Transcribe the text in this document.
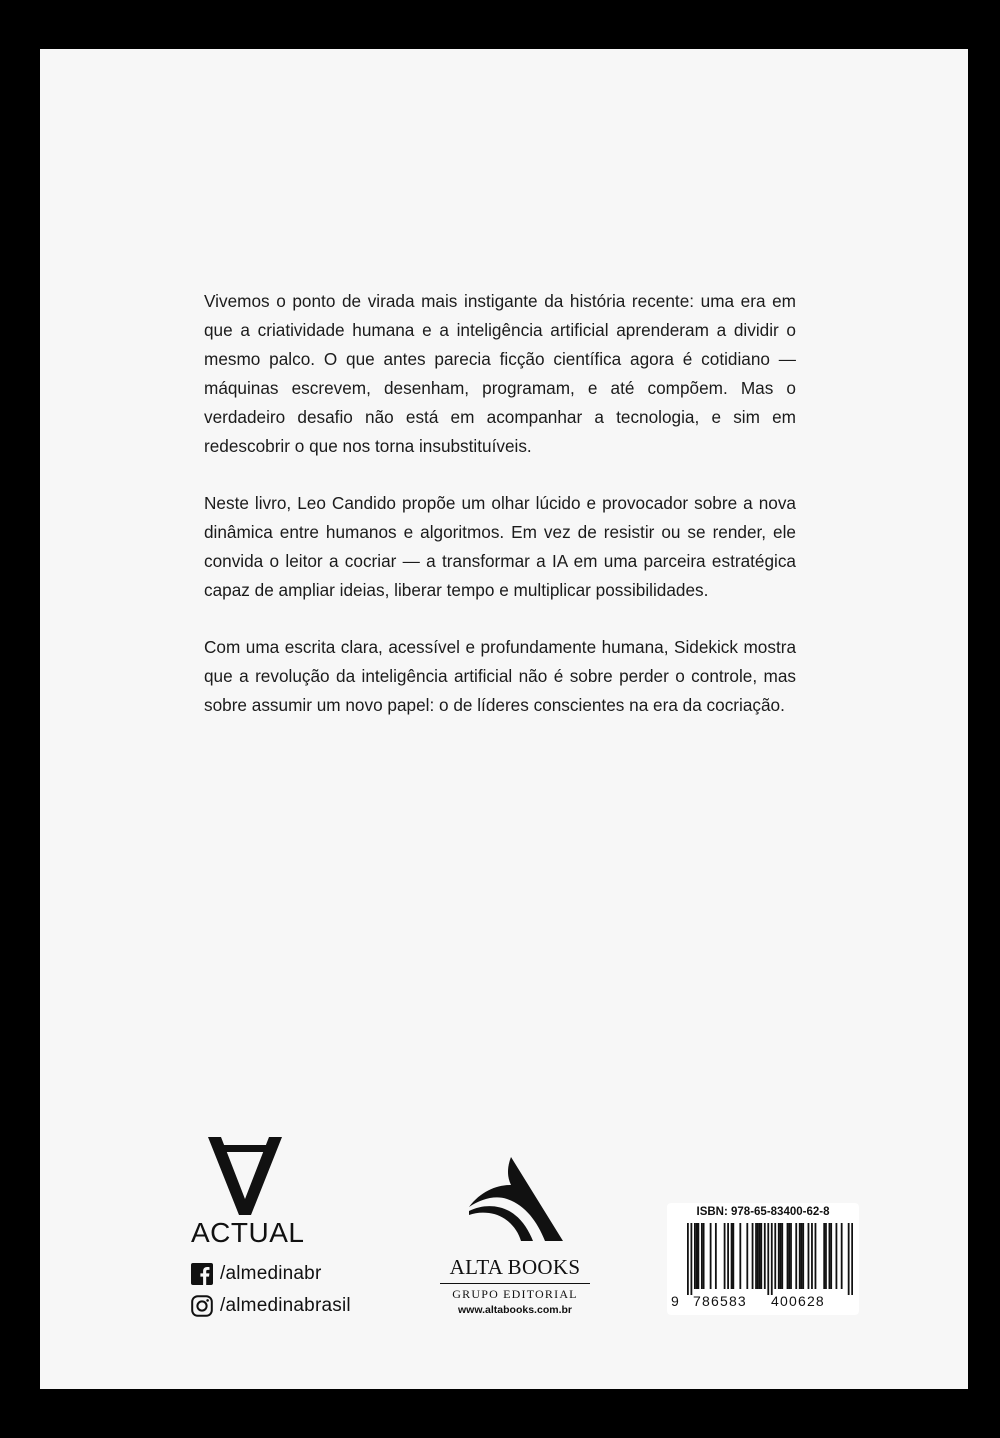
Vivemos o ponto de virada mais instigante da história recente: uma era em que a criatividade humana e a inteligência artificial aprenderam a dividir o mesmo palco. O que antes parecia ficção científica agora é cotidiano — máquinas escrevem, desenham, programam, e até compõem. Mas o verdadeiro desafio não está em acompanhar a tecnologia, e sim em redescobrir o que nos torna insubstituíveis.

Neste livro, Leo Candido propõe um olhar lúcido e provocador sobre a nova dinâmica entre humanos e algoritmos. Em vez de resistir ou se render, ele convida o leitor a cocriar — a transformar a IA em uma parceira estratégica capaz de ampliar ideias, liberar tempo e multiplicar possibilidades.

Com uma escrita clara, acessível e profundamente humana, Sidekick mostra que a revolução da inteligência artificial não é sobre perder o controle, mas sobre assumir um novo papel: o de líderes conscientes na era da cocriação.

ACTUAL
/almedinabr
/almedinabrasil
ALTA BOOKS
GRUPO EDITORIAL
www.altabooks.com.br
ISBN: 978-65-83400-62-8
9 786583 400628
